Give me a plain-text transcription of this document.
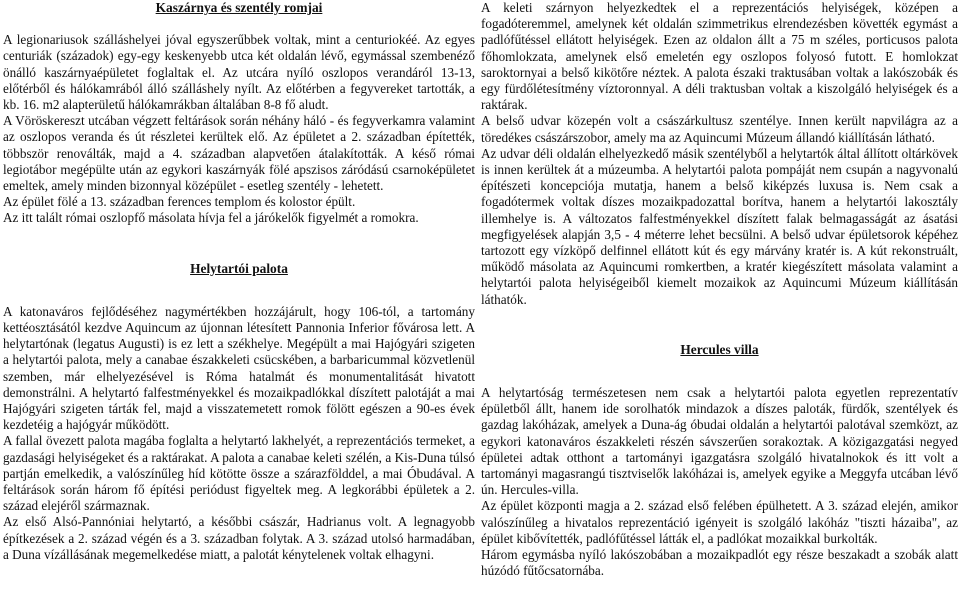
Kaszárnya és szentély romjai

A legionariusok szálláshelyei jóval egyszerűbbek voltak, mint a centuriokéé. Az egyes centuriák (századok) egy-egy keskenyebb utca két oldalán lévő, egymással szembenéző önálló kaszárnyaépületet foglaltak el. Az utcára nyíló oszlopos verandáról 13-13, előtérből és hálókamrából álló szálláshely nyílt. Az előtérben a fegyvereket tartották, a kb. 16. m2 alapterületű hálókamrákban általában 8-8 fő aludt.

A Vöröskereszt utcában végzett feltárások során néhány háló - és fegyverkamra valamint az oszlopos veranda és út részletei kerültek elő. Az épületet a 2. században építették, többször renoválták, majd a 4. században alapvetően átalakították. A késő római legiotábor megépülte után az egykori kaszárnyák fölé apszisos záródású csarnoképületet emeltek, amely minden bizonnyal középület - esetleg szentély - lehetett.

Az épület fölé a 13. században ferences templom és kolostor épült.

Az itt talált római oszlopfő másolata hívja fel a járókelők figyelmét a romokra.

Helytartói palota

A katonaváros fejlődéséhez nagymértékben hozzájárult, hogy 106-tól, a tartomány kettéosztásától kezdve Aquincum az újonnan létesített Pannonia Inferior fővárosa lett. A helytartónak (legatus Augusti) is ez lett a székhelye. Megépült a mai Hajógyári szigeten a helytartói palota, mely a canabae északkeleti csücskében, a barbaricummal közvetlenül szemben, már elhelyezésével is Róma hatalmát és monumentalitását hivatott demonstrálni. A helytartó falfestményekkel és mozaikpadlókkal díszített palotáját a mai Hajógyári szigeten tárták fel, majd a visszatemetett romok fölött egészen a 90-es évek kezdetéig a hajógyár működött.

A fallal övezett palota magába foglalta a helytartó lakhelyét, a reprezentációs termeket, a gazdasági helyiségeket és a raktárakat. A palota a canabae keleti szélén, a Kis-Duna túlsó partján emelkedik, a valószínűleg híd kötötte össze a szárazfölddel, a mai Óbudával. A feltárások során három fő építési periódust figyeltek meg. A legkorábbi épületek a 2. század elejéről származnak.

Az első Alsó-Pannóniai helytartó, a későbbi császár, Hadrianus volt. A legnagyobb építkezések a 2. század végén és a 3. században folytak. A 3. század utolsó harmadában, a Duna vízállásának megemelkedése miatt, a palotát kénytelenek voltak elhagyni.

A keleti szárnyon helyezkedtek el a reprezentációs helyiségek, középen a fogadóteremmel, amelynek két oldalán szimmetrikus elrendezésben követték egymást a padlófűtéssel ellátott helyiségek. Ezen az oldalon állt a 75 m széles, porticusos palota főhomlokzata, amelynek első emeletén egy oszlopos folyosó futott. E homlokzat saroktornyai a belső kikötőre néztek. A palota északi traktusában voltak a lakószobák és egy fürdőlétesítmény víztoronnyal. A déli traktusban voltak a kiszolgáló helyiségek és a raktárak.

A belső udvar közepén volt a császárkultusz szentélye. Innen került napvilágra az a töredékes császárszobor, amely ma az Aquincumi Múzeum állandó kiállításán látható.

Az udvar déli oldalán elhelyezkedő másik szentélyből a helytartók által állított oltárkövek is innen kerültek át a múzeumba. A helytartói palota pompáját nem csupán a nagyvonalú építészeti koncepciója mutatja, hanem a belső kiképzés luxusa is. Nem csak a fogadótermek voltak díszes mozaikpadozattal borítva, hanem a helytartói lakosztály illemhelye is. A változatos falfestményekkel díszített falak belmagasságát az ásatási megfigyelések alapján 3,5 - 4 méterre lehet becsülni. A belső udvar épületsorok képéhez tartozott egy vízköpő delfinnel ellátott kút és egy márvány kratér is. A kút rekonstruált, működő másolata az Aquincumi romkertben, a kratér kiegészített másolata valamint a helytartói palota helyiségeiből kiemelt mozaikok az Aquincumi Múzeum kiállításán láthatók.

Hercules villa

A helytartóság természetesen nem csak a helytartói palota egyetlen reprezentatív épületből állt, hanem ide sorolhatók mindazok a díszes paloták, fürdők, szentélyek és gazdag lakóházak, amelyek a Duna-ág óbudai oldalán a helytartói palotával szemközt, az egykori katonaváros északkeleti részén sávszerűen sorakoztak. A közigazgatási negyed épületei adtak otthont a tartományi igazgatásra szolgáló hivatalnokok és itt volt a tartományi magasrangú tisztviselők lakóházai is, amelyek egyike a Meggyfa utcában lévő ún. Hercules-villa.

Az épület központi magja a 2. század első felében épülhetett. A 3. század elején, amikor valószínűleg a hivatalos reprezentáció igényeit is szolgáló lakóház "tiszti házaiba", az épület kibővítették, padlófűtéssel látták el, a padlókat mozaikkal burkolták.

Három egymásba nyíló lakószobában a mozaikpadlót egy része beszakadt a szobák alatt húzódó fűtőcsatornába.
